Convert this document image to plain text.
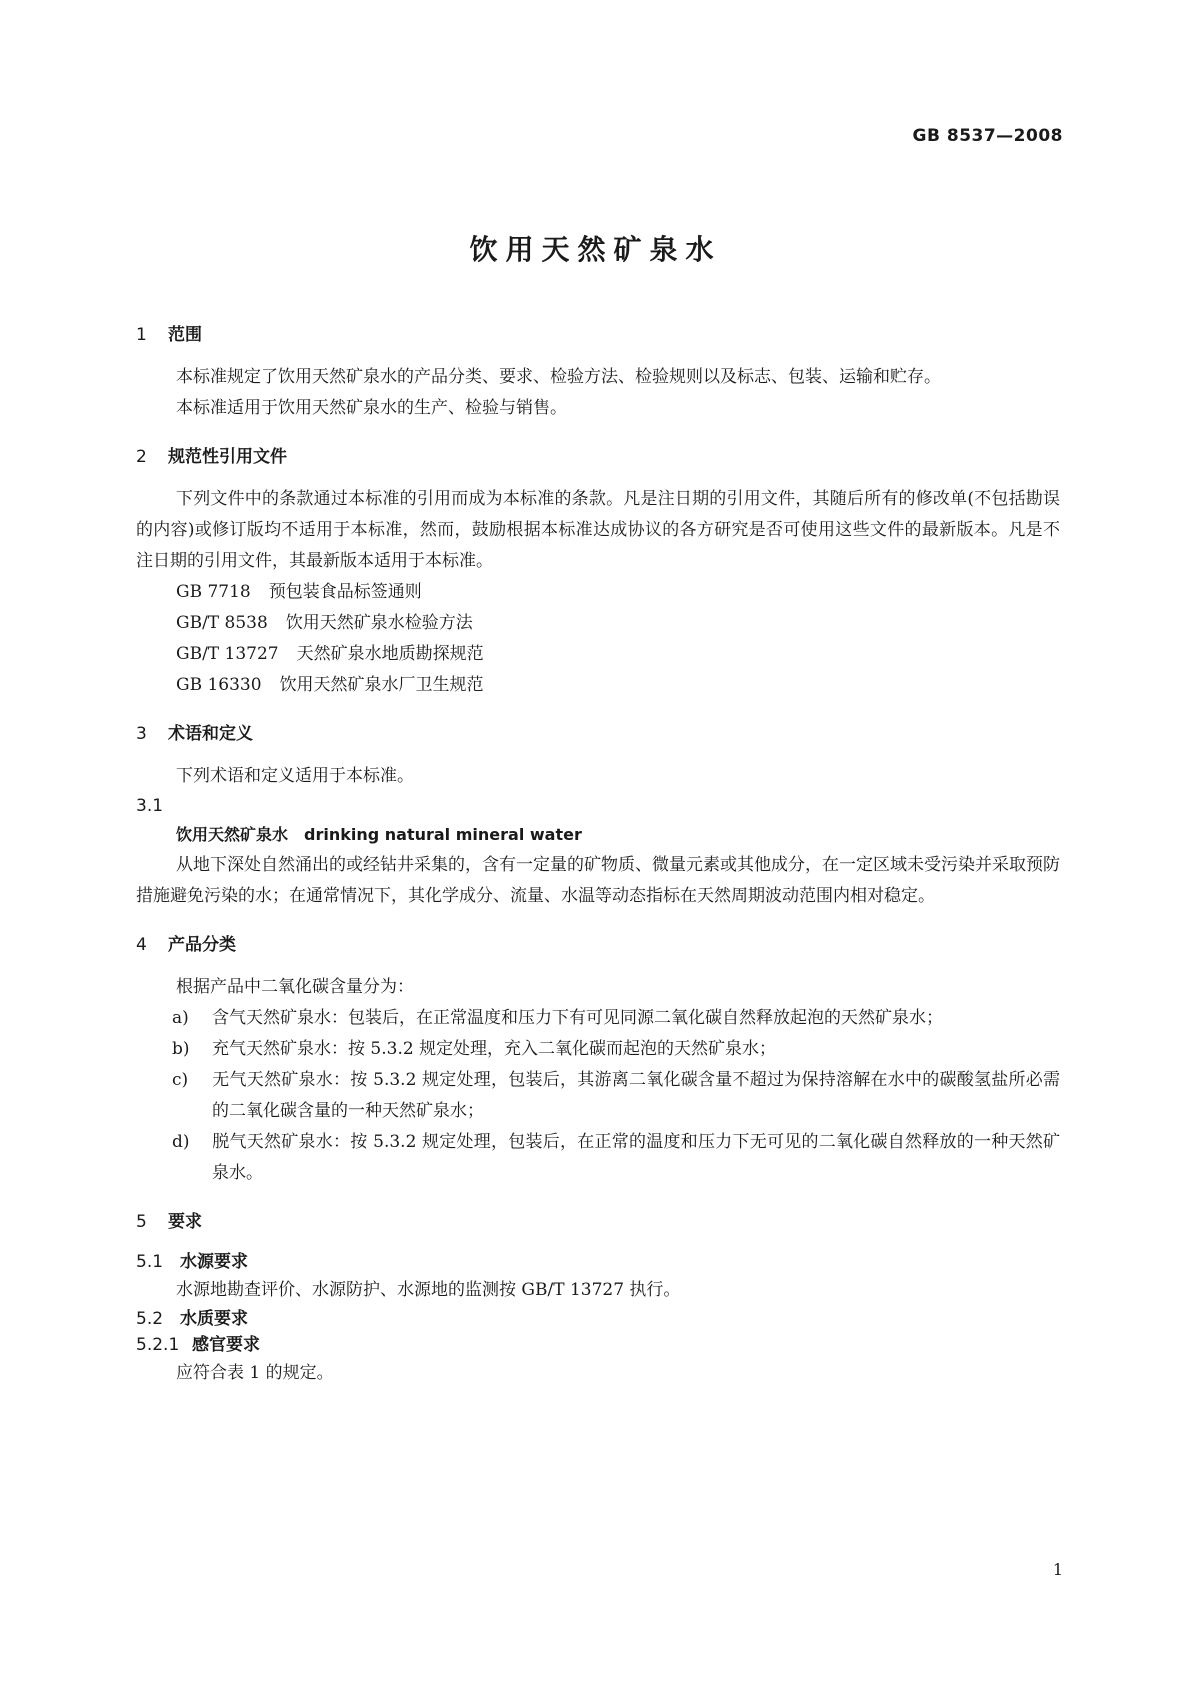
GB 8537—2008
饮用天然矿泉水
1 范围

本标准规定了饮用天然矿泉水的产品分类、要求、检验方法、检验规则以及标志、包装、运输和贮存。

本标准适用于饮用天然矿泉水的生产、检验与销售。

2 规范性引用文件

下列文件中的条款通过本标准的引用而成为本标准的条款。凡是注日期的引用文件，其随后所有的修改单(不包括勘误的内容)或修订版均不适用于本标准，然而，鼓励根据本标准达成协议的各方研究是否可使用这些文件的最新版本。凡是不注日期的引用文件，其最新版本适用于本标准。

GB 7718 预包装食品标签通则

GB/T 8538 饮用天然矿泉水检验方法

GB/T 13727 天然矿泉水地质勘探规范

GB 16330 饮用天然矿泉水厂卫生规范

3 术语和定义

下列术语和定义适用于本标准。

3.1

饮用天然矿泉水　drinking natural mineral water

从地下深处自然涌出的或经钻井采集的，含有一定量的矿物质、微量元素或其他成分，在一定区域未受污染并采取预防措施避免污染的水；在通常情况下，其化学成分、流量、水温等动态指标在天然周期波动范围内相对稳定。

4 产品分类

根据产品中二氧化碳含量分为：

a) 含气天然矿泉水：包装后，在正常温度和压力下有可见同源二氧化碳自然释放起泡的天然矿泉水；

b) 充气天然矿泉水：按 5.3.2 规定处理，充入二氧化碳而起泡的天然矿泉水；

c) 无气天然矿泉水：按 5.3.2 规定处理，包装后，其游离二氧化碳含量不超过为保持溶解在水中的碳酸氢盐所必需的二氧化碳含量的一种天然矿泉水；

d) 脱气天然矿泉水：按 5.3.2 规定处理，包装后，在正常的温度和压力下无可见的二氧化碳自然释放的一种天然矿泉水。

5 要求
5.1 水源要求

水源地勘查评价、水源防护、水源地的监测按 GB/T 13727 执行。

5.2 水质要求
5.2.1 感官要求

应符合表 1 的规定。

1
